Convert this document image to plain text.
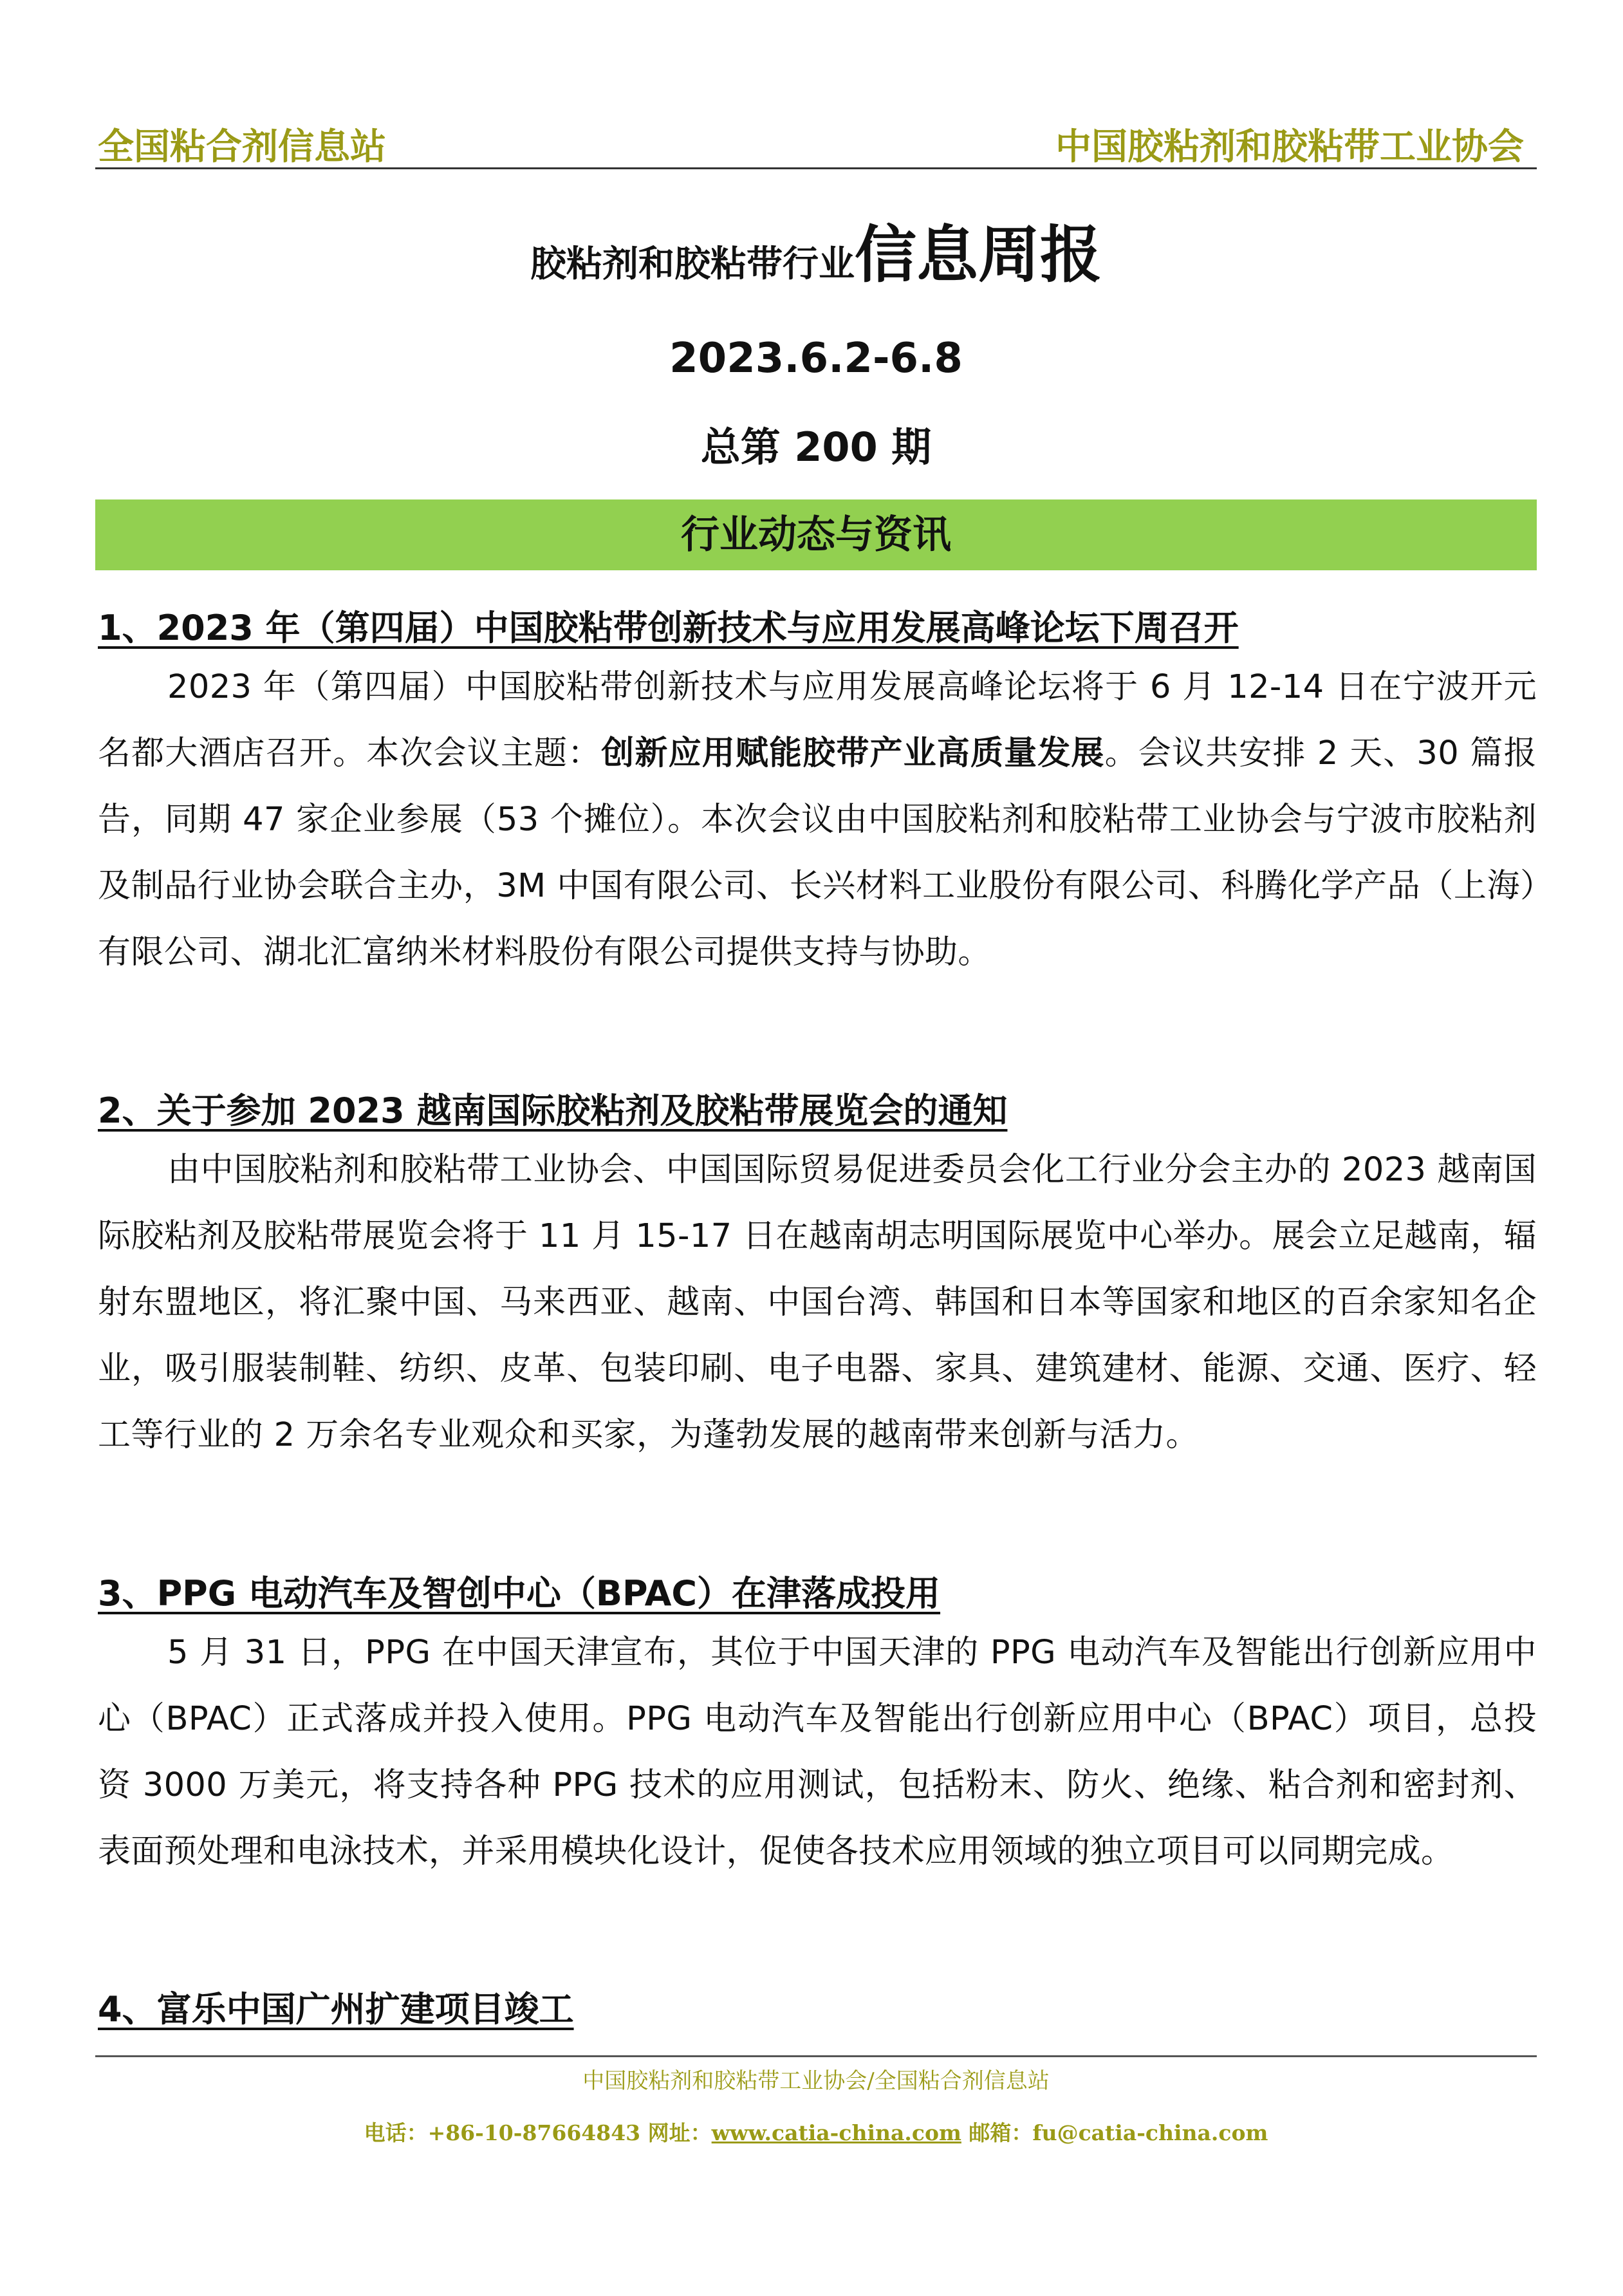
全国粘合剂信息站	中国胶粘剂和胶粘带工业协会
胶粘剂和胶粘带行业信息周报
2023.6.2-6.8
总第 200 期
行业动态与资讯
1、2023 年（第四届）中国胶粘带创新技术与应用发展高峰论坛下周召开
2023 年（第四届）中国胶粘带创新技术与应用发展高峰论坛将于 6 月 12-14 日在宁波开元名都大酒店召开。本次会议主题：创新应用赋能胶带产业高质量发展。会议共安排 2 天、30 篇报告，同期 47 家企业参展（53 个摊位）。本次会议由中国胶粘剂和胶粘带工业协会与宁波市胶粘剂及制品行业协会联合主办，3M 中国有限公司、长兴材料工业股份有限公司、科腾化学产品（上海）有限公司、湖北汇富纳米材料股份有限公司提供支持与协助。
2、关于参加 2023 越南国际胶粘剂及胶粘带展览会的通知
由中国胶粘剂和胶粘带工业协会、中国国际贸易促进委员会化工行业分会主办的 2023 越南国际胶粘剂及胶粘带展览会将于 11 月 15-17 日在越南胡志明国际展览中心举办。展会立足越南，辐射东盟地区，将汇聚中国、马来西亚、越南、中国台湾、韩国和日本等国家和地区的百余家知名企业，吸引服装制鞋、纺织、皮革、包装印刷、电子电器、家具、建筑建材、能源、交通、医疗、轻工等行业的 2 万余名专业观众和买家，为蓬勃发展的越南带来创新与活力。
3、PPG 电动汽车及智创中心（BPAC）在津落成投用
5 月 31 日，PPG 在中国天津宣布，其位于中国天津的 PPG 电动汽车及智能出行创新应用中心（BPAC）正式落成并投入使用。PPG 电动汽车及智能出行创新应用中心（BPAC）项目，总投资 3000 万美元，将支持各种 PPG 技术的应用测试，包括粉末、防火、绝缘、粘合剂和密封剂、表面预处理和电泳技术，并采用模块化设计，促使各技术应用领域的独立项目可以同期完成。
4、富乐中国广州扩建项目竣工
中国胶粘剂和胶粘带工业协会/全国粘合剂信息站
电话：+86-10-87664843 网址：www.catia-china.com 邮箱：fu@catia-china.com
